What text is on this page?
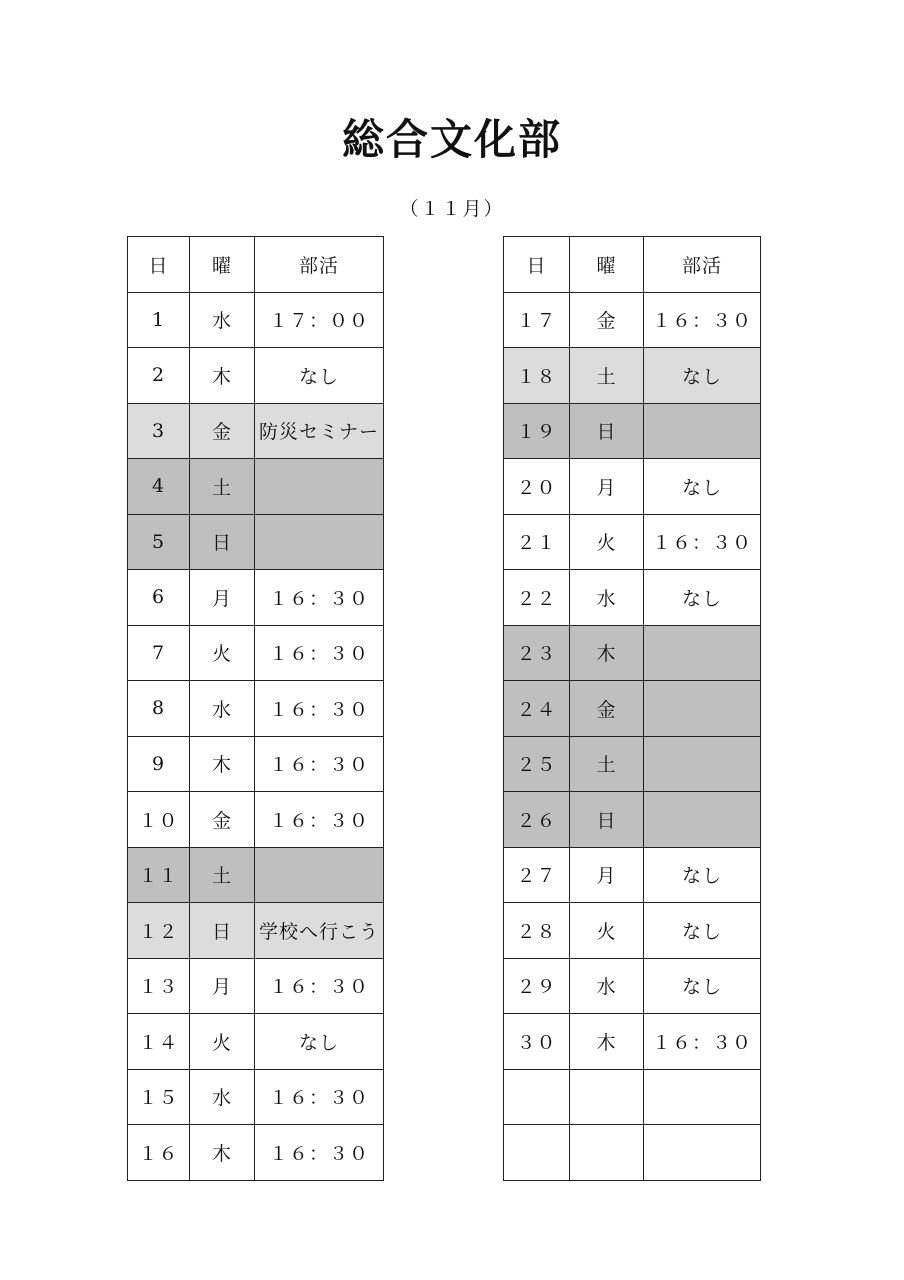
総合文化部
（１１月）
日	曜	部活
1	水	１７：００
2	木	なし
3	金	防災セミナー
4	土	
5	日	
6	月	１６：３０
7	火	１６：３０
8	水	１６：３０
9	木	１６：３０
１０	金	１６：３０
１１	土	
１２	日	学校へ行こう
１３	月	１６：３０
１４	火	なし
１５	水	１６：３０
１６	木	１６：３０
日	曜	部活
１７	金	１６：３０
１８	土	なし
１９	日	
２０	月	なし
２１	火	１６：３０
２２	水	なし
２３	木	
２４	金	
２５	土	
２６	日	
２７	月	なし
２８	火	なし
２９	水	なし
３０	木	１６：３０
